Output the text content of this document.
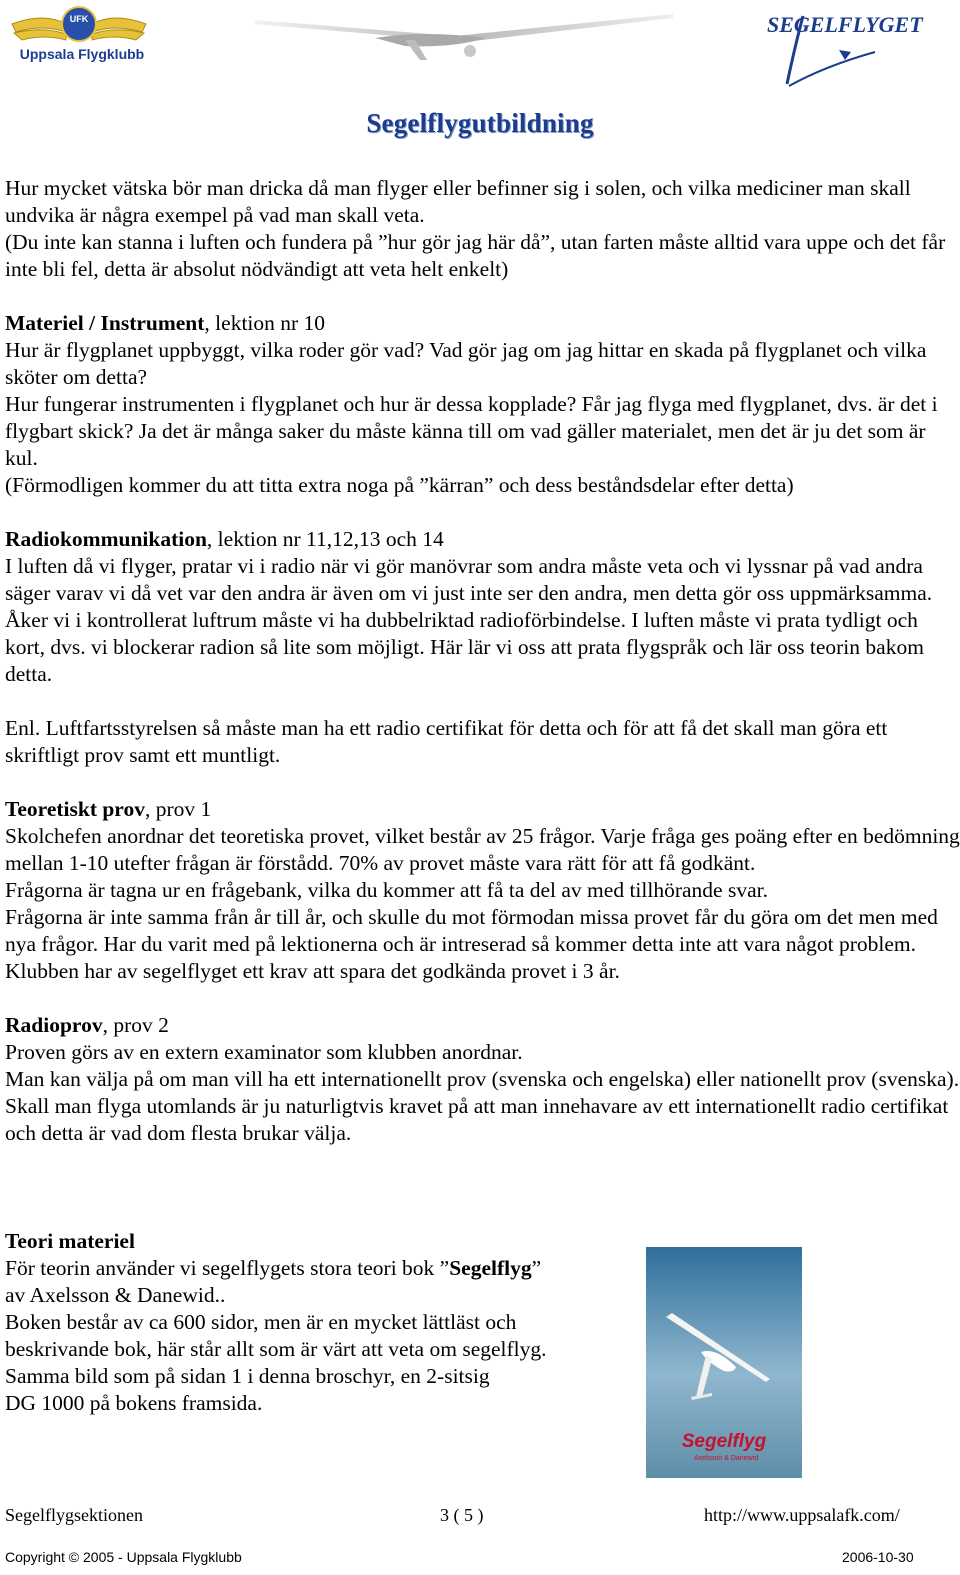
UFK
Uppsala Flygklubb
SEGELFLYGET
Segelflygutbildning

Hur mycket vätska bör man dricka då man flyger eller befinner sig i solen, och vilka mediciner man skall undvika är några exempel på vad man skall veta.

(Du inte kan stanna i luften och fundera på ”hur gör jag här då”, utan farten måste alltid vara uppe och det får inte bli fel, detta är absolut nödvändigt att veta helt enkelt)

Materiel / Instrument, lektion nr 10

Hur är flygplanet uppbyggt, vilka roder gör vad? Vad gör jag om jag hittar en skada på flygplanet och vilka sköter om detta?

Hur fungerar instrumenten i flygplanet och hur är dessa kopplade? Får jag flyga med flygplanet, dvs. är det i flygbart skick? Ja det är många saker du måste känna till om vad gäller materialet, men det är ju det som är kul.

(Förmodligen kommer du att titta extra noga på ”kärran” och dess beståndsdelar efter detta)

Radiokommunikation, lektion nr 11,12,13 och 14

I luften då vi flyger, pratar vi i radio när vi gör manövrar som andra måste veta och vi lyssnar på vad andra säger varav vi då vet var den andra är även om vi just inte ser den andra, men detta gör oss uppmärksamma. Åker vi i kontrollerat luftrum måste vi ha dubbelriktad radioförbindelse. I luften måste vi prata tydligt och kort, dvs. vi blockerar radion så lite som möjligt. Här lär vi oss att prata flygspråk och lär oss teorin bakom detta.

Enl. Luftfartsstyrelsen så måste man ha ett radio certifikat för detta och för att få det skall man göra ett skriftligt prov samt ett muntligt.

Teoretiskt prov, prov 1

Skolchefen anordnar det teoretiska provet, vilket består av 25 frågor. Varje fråga ges poäng efter en bedömning mellan 1-10 utefter frågan är förstådd. 70% av provet måste vara rätt för att få godkänt.

Frågorna är tagna ur en frågebank, vilka du kommer att få ta del av med tillhörande svar.

Frågorna är inte samma från år till år, och skulle du mot förmodan missa provet får du göra om det men med nya frågor. Har du varit med på lektionerna och är intreserad så kommer detta inte att vara något problem.

Klubben har av segelflyget ett krav att spara det godkända provet i 3 år.

Radioprov, prov 2

Proven görs av en extern examinator som klubben anordnar.

Man kan välja på om man vill ha ett internationellt prov (svenska och engelska) eller nationellt prov (svenska). Skall man flyga utomlands är ju naturligtvis kravet på att man innehavare av ett internationellt radio certifikat och detta är vad dom flesta brukar välja.

Teori materiel

För teorin använder vi segelflygets stora teori bok ”Segelflyg”

av Axelsson & Danewid..

Boken består av ca 600 sidor, men är en mycket lättläst och

beskrivande bok, här står allt som är värt att veta om segelflyg.

Samma bild som på sidan 1 i denna broschyr, en 2-sitsig

DG 1000 på bokens framsida.

Segelflyg
Axelsson & Danewid
Segelflygsektionen	3 ( 5 )	http://www.uppsalafk.com/
Copyright © 2005 - Uppsala Flygklubb	2006-10-30
